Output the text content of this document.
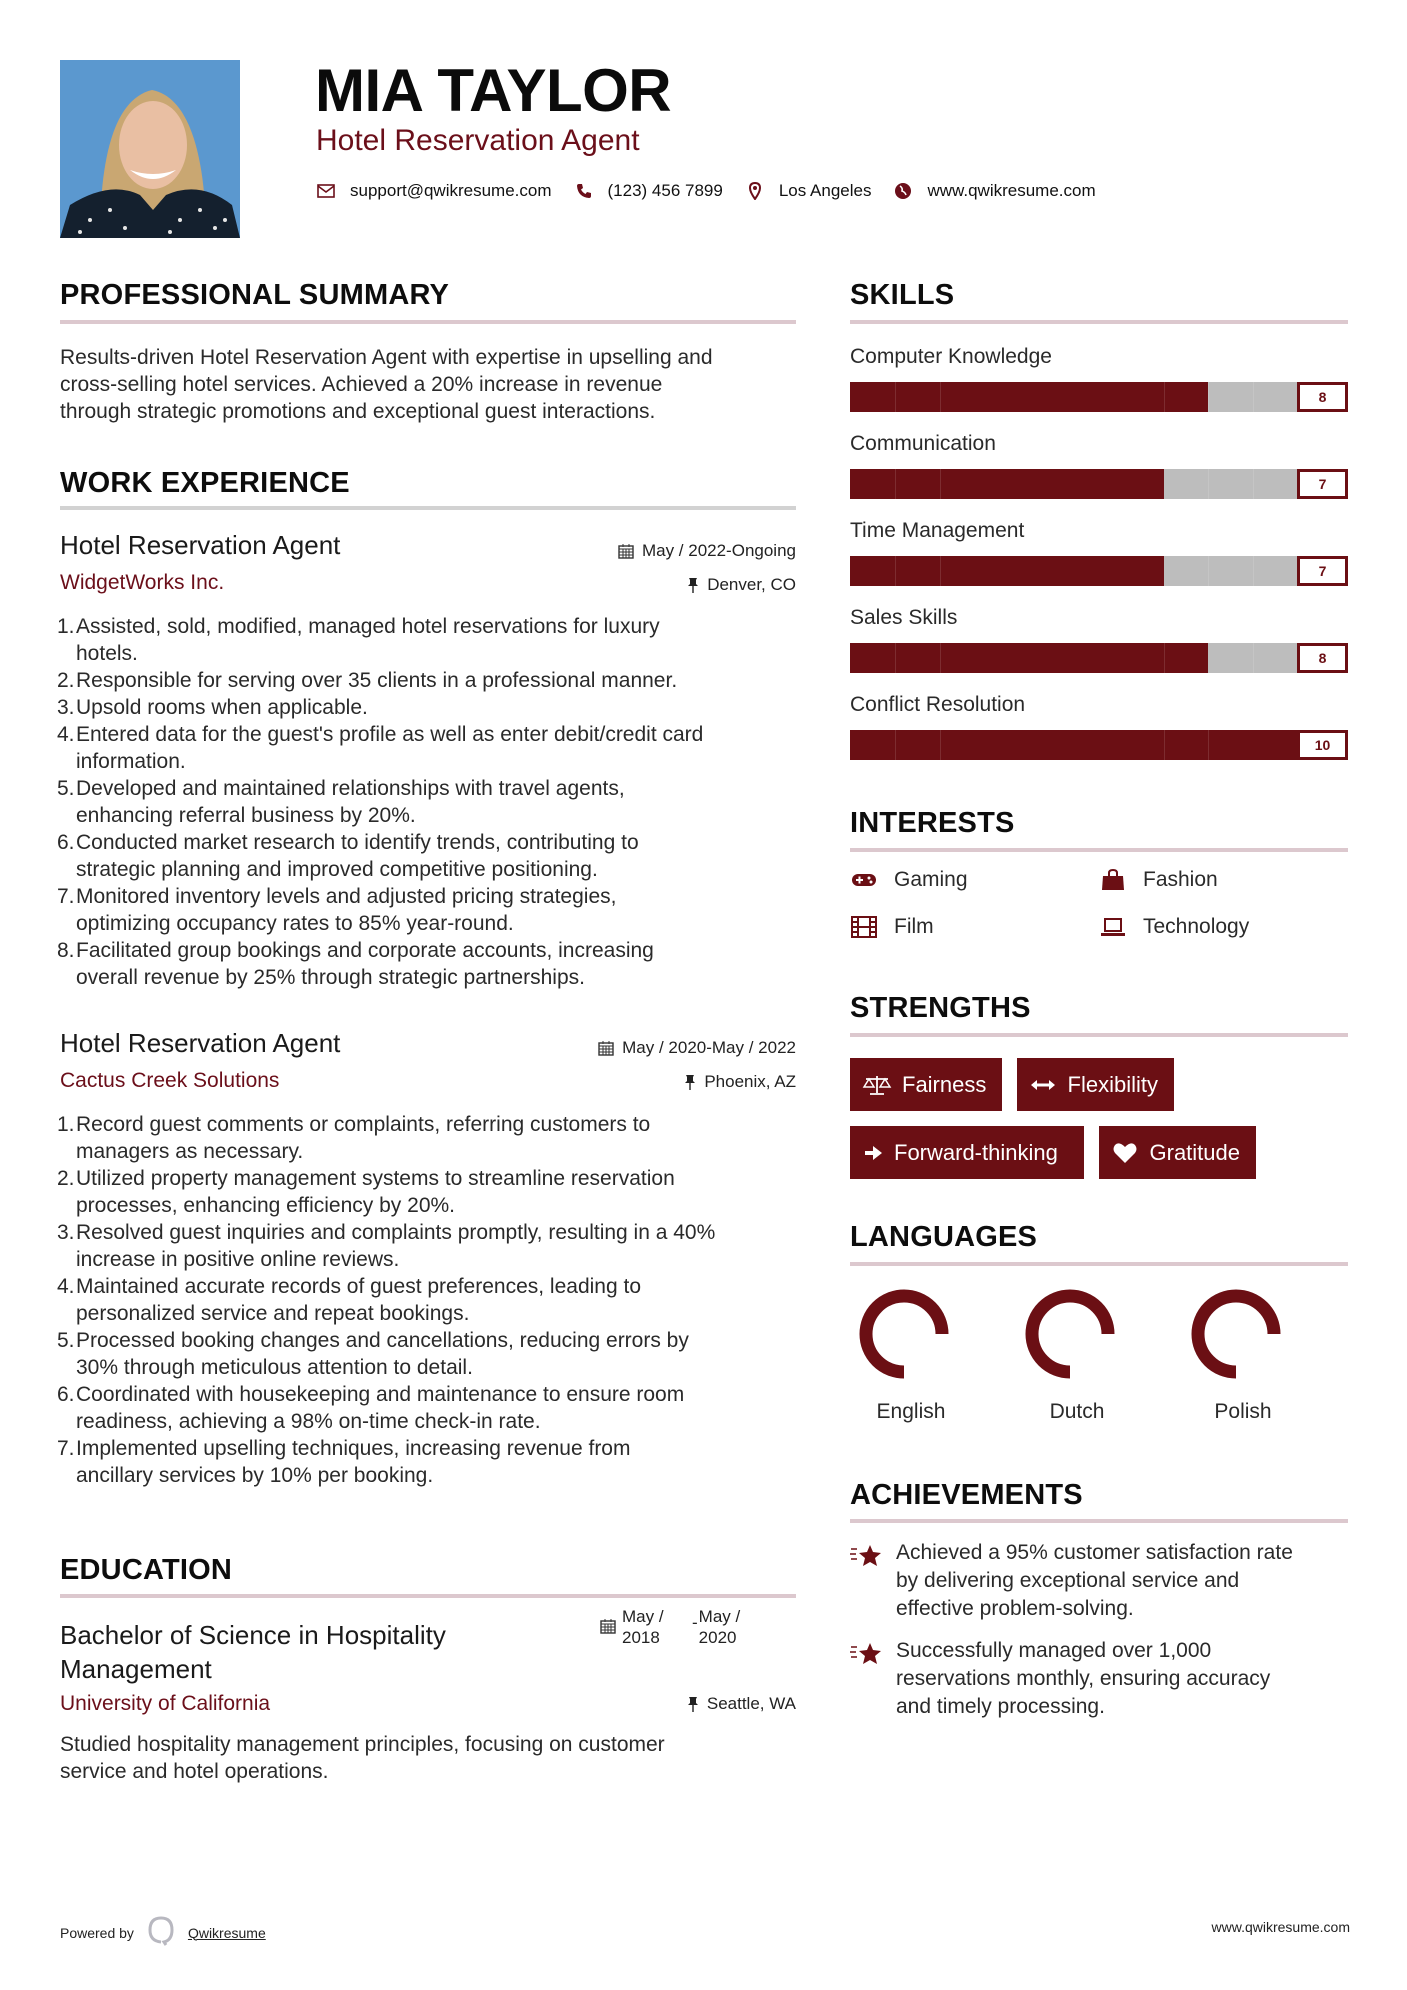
MIA TAYLOR
Hotel Reservation Agent
support@qwikresume.com	(123) 456 7899	Los Angeles	www.qwikresume.com
PROFESSIONAL SUMMARY
Results-driven Hotel Reservation Agent with expertise in upselling and
cross-selling hotel services. Achieved a 20% increase in revenue
through strategic promotions and exceptional guest interactions.
WORK EXPERIENCE
Hotel Reservation Agent	May / 2022-Ongoing
WidgetWorks Inc.	Denver, CO
1. Assisted, sold, modified, managed hotel reservations for luxury
hotels.
2. Responsible for serving over 35 clients in a professional manner.
3. Upsold rooms when applicable.
4. Entered data for the guest's profile as well as enter debit/credit card
information.
5. Developed and maintained relationships with travel agents,
enhancing referral business by 20%.
6. Conducted market research to identify trends, contributing to
strategic planning and improved competitive positioning.
7. Monitored inventory levels and adjusted pricing strategies,
optimizing occupancy rates to 85% year-round.
8. Facilitated group bookings and corporate accounts, increasing
overall revenue by 25% through strategic partnerships.
Hotel Reservation Agent	May / 2020-May / 2022
Cactus Creek Solutions	Phoenix, AZ
1. Record guest comments or complaints, referring customers to
managers as necessary.
2. Utilized property management systems to streamline reservation
processes, enhancing efficiency by 20%.
3. Resolved guest inquiries and complaints promptly, resulting in a 40%
increase in positive online reviews.
4. Maintained accurate records of guest preferences, leading to
personalized service and repeat bookings.
5. Processed booking changes and cancellations, reducing errors by
30% through meticulous attention to detail.
6. Coordinated with housekeeping and maintenance to ensure room
readiness, achieving a 98% on-time check-in rate.
7. Implemented upselling techniques, increasing revenue from
ancillary services by 10% per booking.
EDUCATION
Bachelor of Science in Hospitality
Management
May /
2018
- May /
2020
University of California	Seattle, WA
Studied hospitality management principles, focusing on customer
service and hotel operations.
SKILLS
Computer Knowledge
8
Communication
7
Time Management
7
Sales Skills
8
Conflict Resolution
10
INTERESTS
Gaming	Fashion
Film	Technology
STRENGTHS
Fairness	Flexibility
Forward-thinking	Gratitude
LANGUAGES
English	Dutch	Polish
ACHIEVEMENTS
Achieved a 95% customer satisfaction rate
by delivering exceptional service and
effective problem-solving.
Successfully managed over 1,000
reservations monthly, ensuring accuracy
and timely processing.
Powered by	Qwikresume	www.qwikresume.com
